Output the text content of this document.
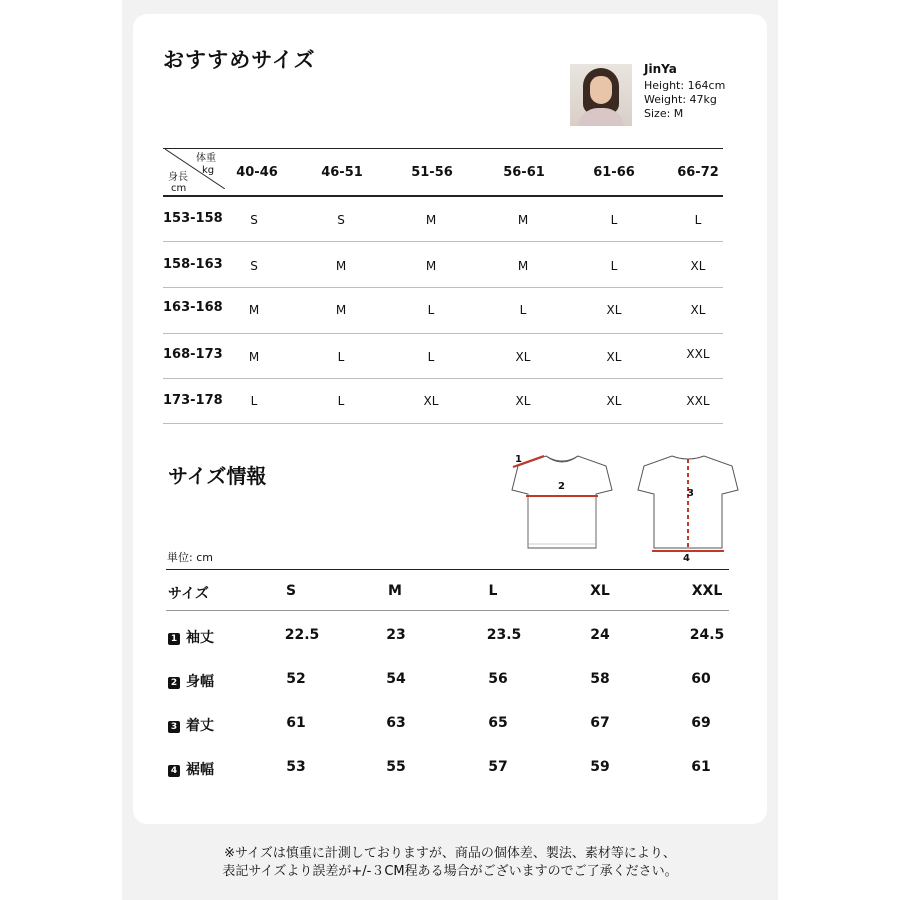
おすすめサイズ	JinYa
Height: 164cm
Weight: 47kg
Size: M
体重
kg
身長
cm
40-46	46-51	51-56	56-61	61-66	66-72
153-158 S	S	M	M	L	L
158-163 S	M	M	M	L	XL
163-168 M	M	L	L	XL	XL
168-173 M	L	L	XL	XL	XXL
173-178 L	L	XL	XL	XL	XXL
サイズ情報
1
2
3
4
単位: cm
サイズ	S	M	L	XL	XXL
1 袖丈	22.5	23	23.5	24	24.5
2 身幅	52	54	56	58	60
3 着丈	61	63	65	67	69
4 裾幅	53	55	57	59	61
※サイズは慎重に計測しておりますが、商品の個体差、製法、素材等により、
表記サイズより誤差が+/-３CM程ある場合がございますのでご了承ください。
